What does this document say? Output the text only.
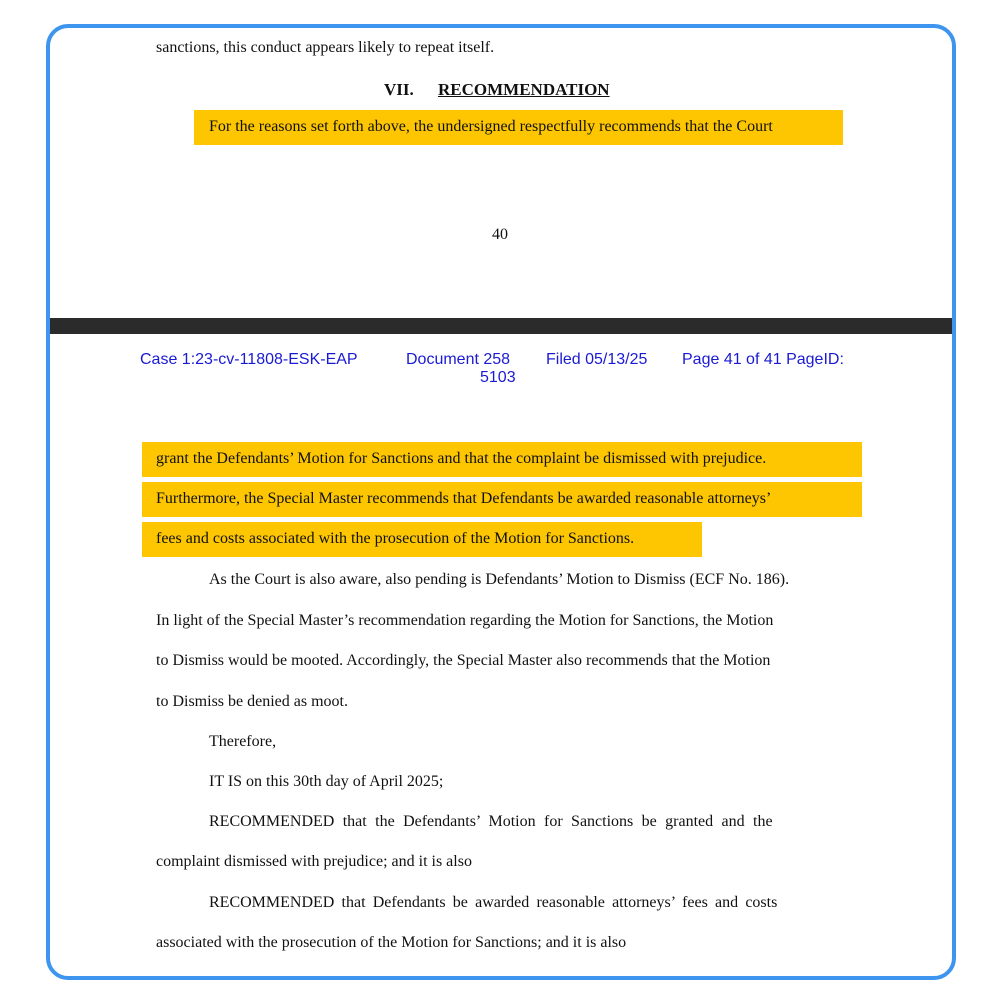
sanctions, this conduct appears likely to repeat itself.
VII. RECOMMENDATION
For the reasons set forth above, the undersigned respectfully recommends that the Court
40
Case 1:23-cv-11808-ESK-EAP	Document 258
5103
Filed 05/13/25 Page 41 of 41 PageID:
grant the Defendants’ Motion for Sanctions and that the complaint be dismissed with prejudice.
Furthermore, the Special Master recommends that Defendants be awarded reasonable attorneys’
fees and costs associated with the prosecution of the Motion for Sanctions.
As the Court is also aware, also pending is Defendants’ Motion to Dismiss (ECF No. 186).
In light of the Special Master’s recommendation regarding the Motion for Sanctions, the Motion
to Dismiss would be mooted. Accordingly, the Special Master also recommends that the Motion
to Dismiss be denied as moot.
Therefore,
IT IS on this 30th day of April 2025;
RECOMMENDED that the Defendants’ Motion for Sanctions be granted and the
complaint dismissed with prejudice; and it is also
RECOMMENDED that Defendants be awarded reasonable attorneys’ fees and costs
associated with the prosecution of the Motion for Sanctions; and it is also
